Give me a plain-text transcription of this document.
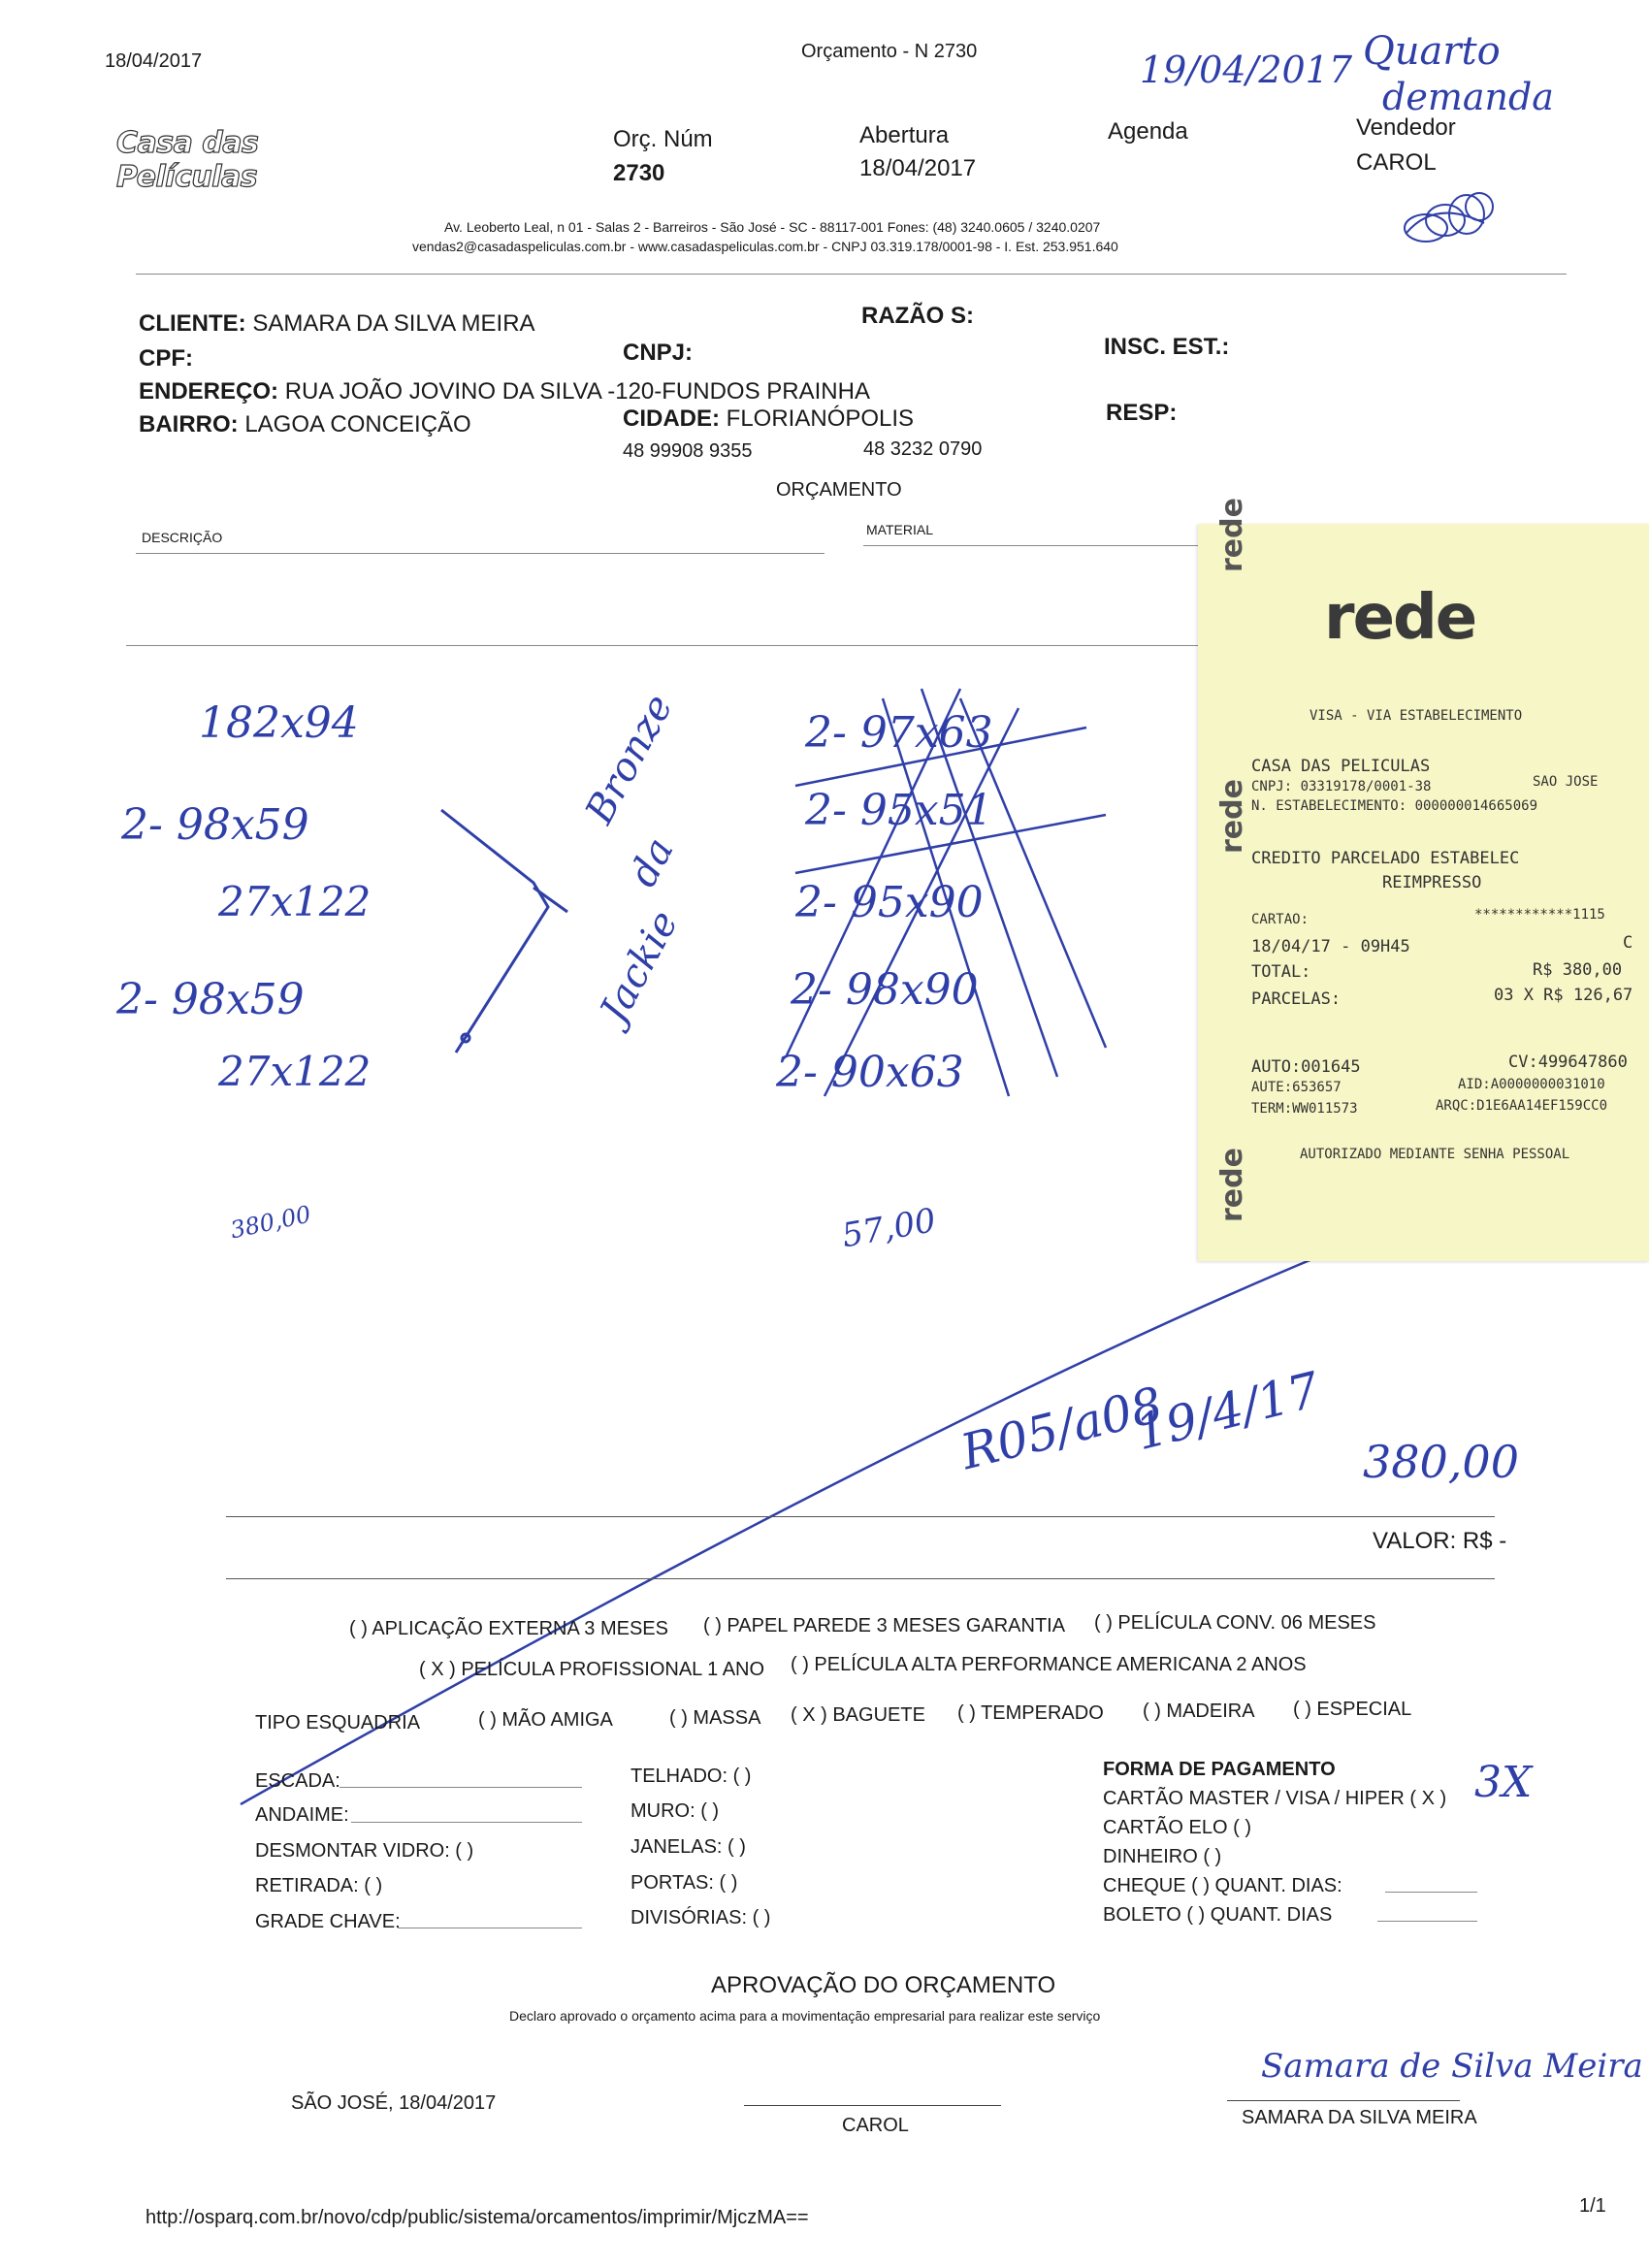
18/04/2017	Orçamento - N 2730	19/04/2017 Quarto
demanda
Casa das Películas
Orç. Núm
2730
Abertura
18/04/2017
Agenda	Vendedor
CAROL
Av. Leoberto Leal, n 01 - Salas 2 - Barreiros - São José - SC - 88117-001 Fones: (48) 3240.0605 / 3240.0207
vendas2@casadaspeliculas.com.br - www.casadaspeliculas.com.br - CNPJ 03.319.178/0001-98 - I. Est. 253.951.640
CLIENTE: SAMARA DA SILVA MEIRA	RAZÃO S:
CPF:	CNPJ:	INSC. EST.:
ENDEREÇO: RUA JOÃO JOVINO DA SILVA -120-FUNDOS PRAINHA
BAIRRO: LAGOA CONCEIÇÃO	CIDADE: FLORIANÓPOLIS	RESP:
48 99908 9355	48 3232 0790
ORÇAMENTO
DESCRIÇÃO	MATERIAL
182x94
2- 98x59
27x122
2- 98x59
27x122
Bronze
da
Jackie
2- 97x63
2- 95x51
2- 95x90
2- 98x90
2- 90x63
380,00	57,00
R05/a08
19/4/17
380,00
rede
rede
rede
rede
VISA - VIA ESTABELECIMENTO
CASA DAS PELICULAS
CNPJ: 03319178/0001-38	SAO JOSE
N. ESTABELECIMENTO: 000000014665069
CREDITO PARCELADO ESTABELEC
REIMPRESSO
CARTAO:	************1115
18/04/17 - 09H45	C
TOTAL:	R$ 380,00
PARCELAS:	03 X R$ 126,67
AUTO:001645	CV:499647860
AUTE:653657	AID:A0000000031010
TERM:WW011573	ARQC:D1E6AA14EF159CC0
AUTORIZADO MEDIANTE SENHA PESSOAL
VALOR: R$ -
( ) APLICAÇÃO EXTERNA 3 MESES ( ) PAPEL PAREDE 3 MESES GARANTIA ( ) PELÍCULA CONV. 06 MESES
( X ) PELÍCULA PROFISSIONAL 1 ANO ( ) PELÍCULA ALTA PERFORMANCE AMERICANA 2 ANOS
TIPO ESQUADRIA	( ) MÃO AMIGA	( ) MASSA ( X ) BAGUETE ( ) TEMPERADO ( ) MADEIRA ( ) ESPECIAL
ESCADA:
ANDAIME:
DESMONTAR VIDRO: ( )
RETIRADA: ( )
GRADE CHAVE:
TELHADO: ( )
MURO: ( )
JANELAS: ( )
PORTAS: ( )
DIVISÓRIAS: ( )
FORMA DE PAGAMENTO
CARTÃO MASTER / VISA / HIPER ( X ) 3X
CARTÃO ELO ( )
DINHEIRO ( )
CHEQUE ( ) QUANT. DIAS:
BOLETO ( ) QUANT. DIAS
APROVAÇÃO DO ORÇAMENTO
Declaro aprovado o orçamento acima para a movimentação empresarial para realizar este serviço
SÃO JOSÉ, 18/04/2017
CAROL
Samara de Silva Meira
SAMARA DA SILVA MEIRA
http://osparq.com.br/novo/cdp/public/sistema/orcamentos/imprimir/MjczMA==
1/1
